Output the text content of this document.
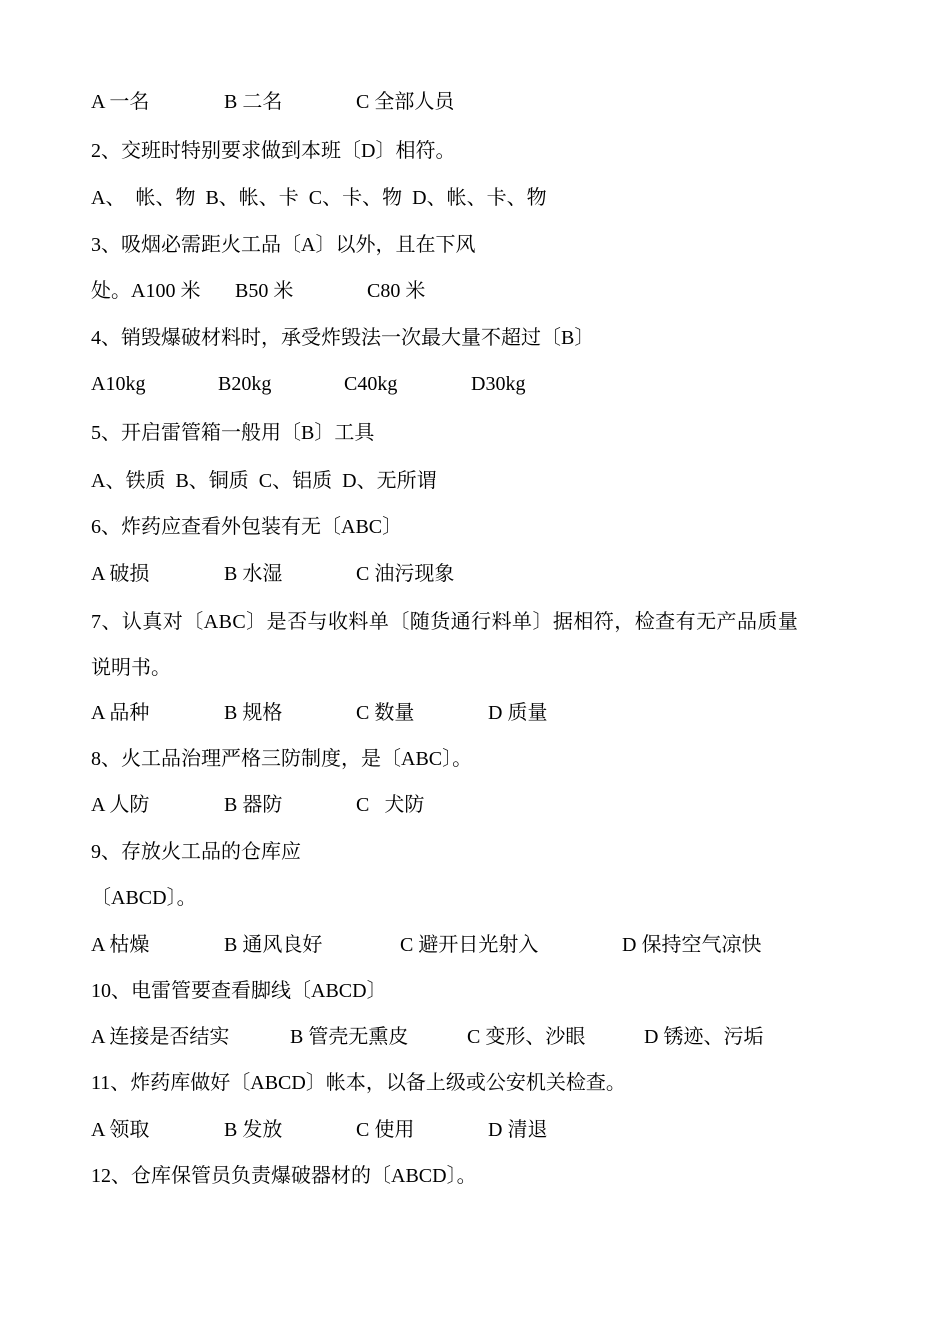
A 一名	B 二名	C 全部人员
2、交班时特别要求做到本班〔D〕相符。
A、  帐、物  B、帐、卡  C、卡、物  D、帐、卡、物
3、吸烟必需距火工品〔A〕以外，且在下风
处。A100 米 B50 米	C80 米
4、销毁爆破材料时，承受炸毁法一次最大量不超过〔B〕
A10kg	B20kg	C40kg	D30kg
5、开启雷管箱一般用〔B〕工具
A、铁质  B、铜质  C、铝质  D、无所谓
6、炸药应查看外包装有无〔ABC〕
A 破损	B 水湿	C 油污现象
7、认真对〔ABC〕是否与收料单〔随货通行料单〕据相符，检查有无产品质量
说明书。
A 品种	B 规格	C 数量	D 质量
8、火工品治理严格三防制度，是〔ABC〕。

A 人防

	B 器防

	C   犬防

9、存放火工品的仓库应
〔ABCD〕。
A 枯燥	B 通风良好	C 避开日光射入	D 保持空气凉快
10、电雷管要查看脚线〔ABCD〕
A 连接是否结实	B 管壳无熏皮	C 变形、沙眼	D 锈迹、污垢
11、炸药库做好〔ABCD〕帐本，以备上级或公安机关检查。
A 领取	B 发放	C 使用	D 清退
12、仓库保管员负责爆破器材的〔ABCD〕。
